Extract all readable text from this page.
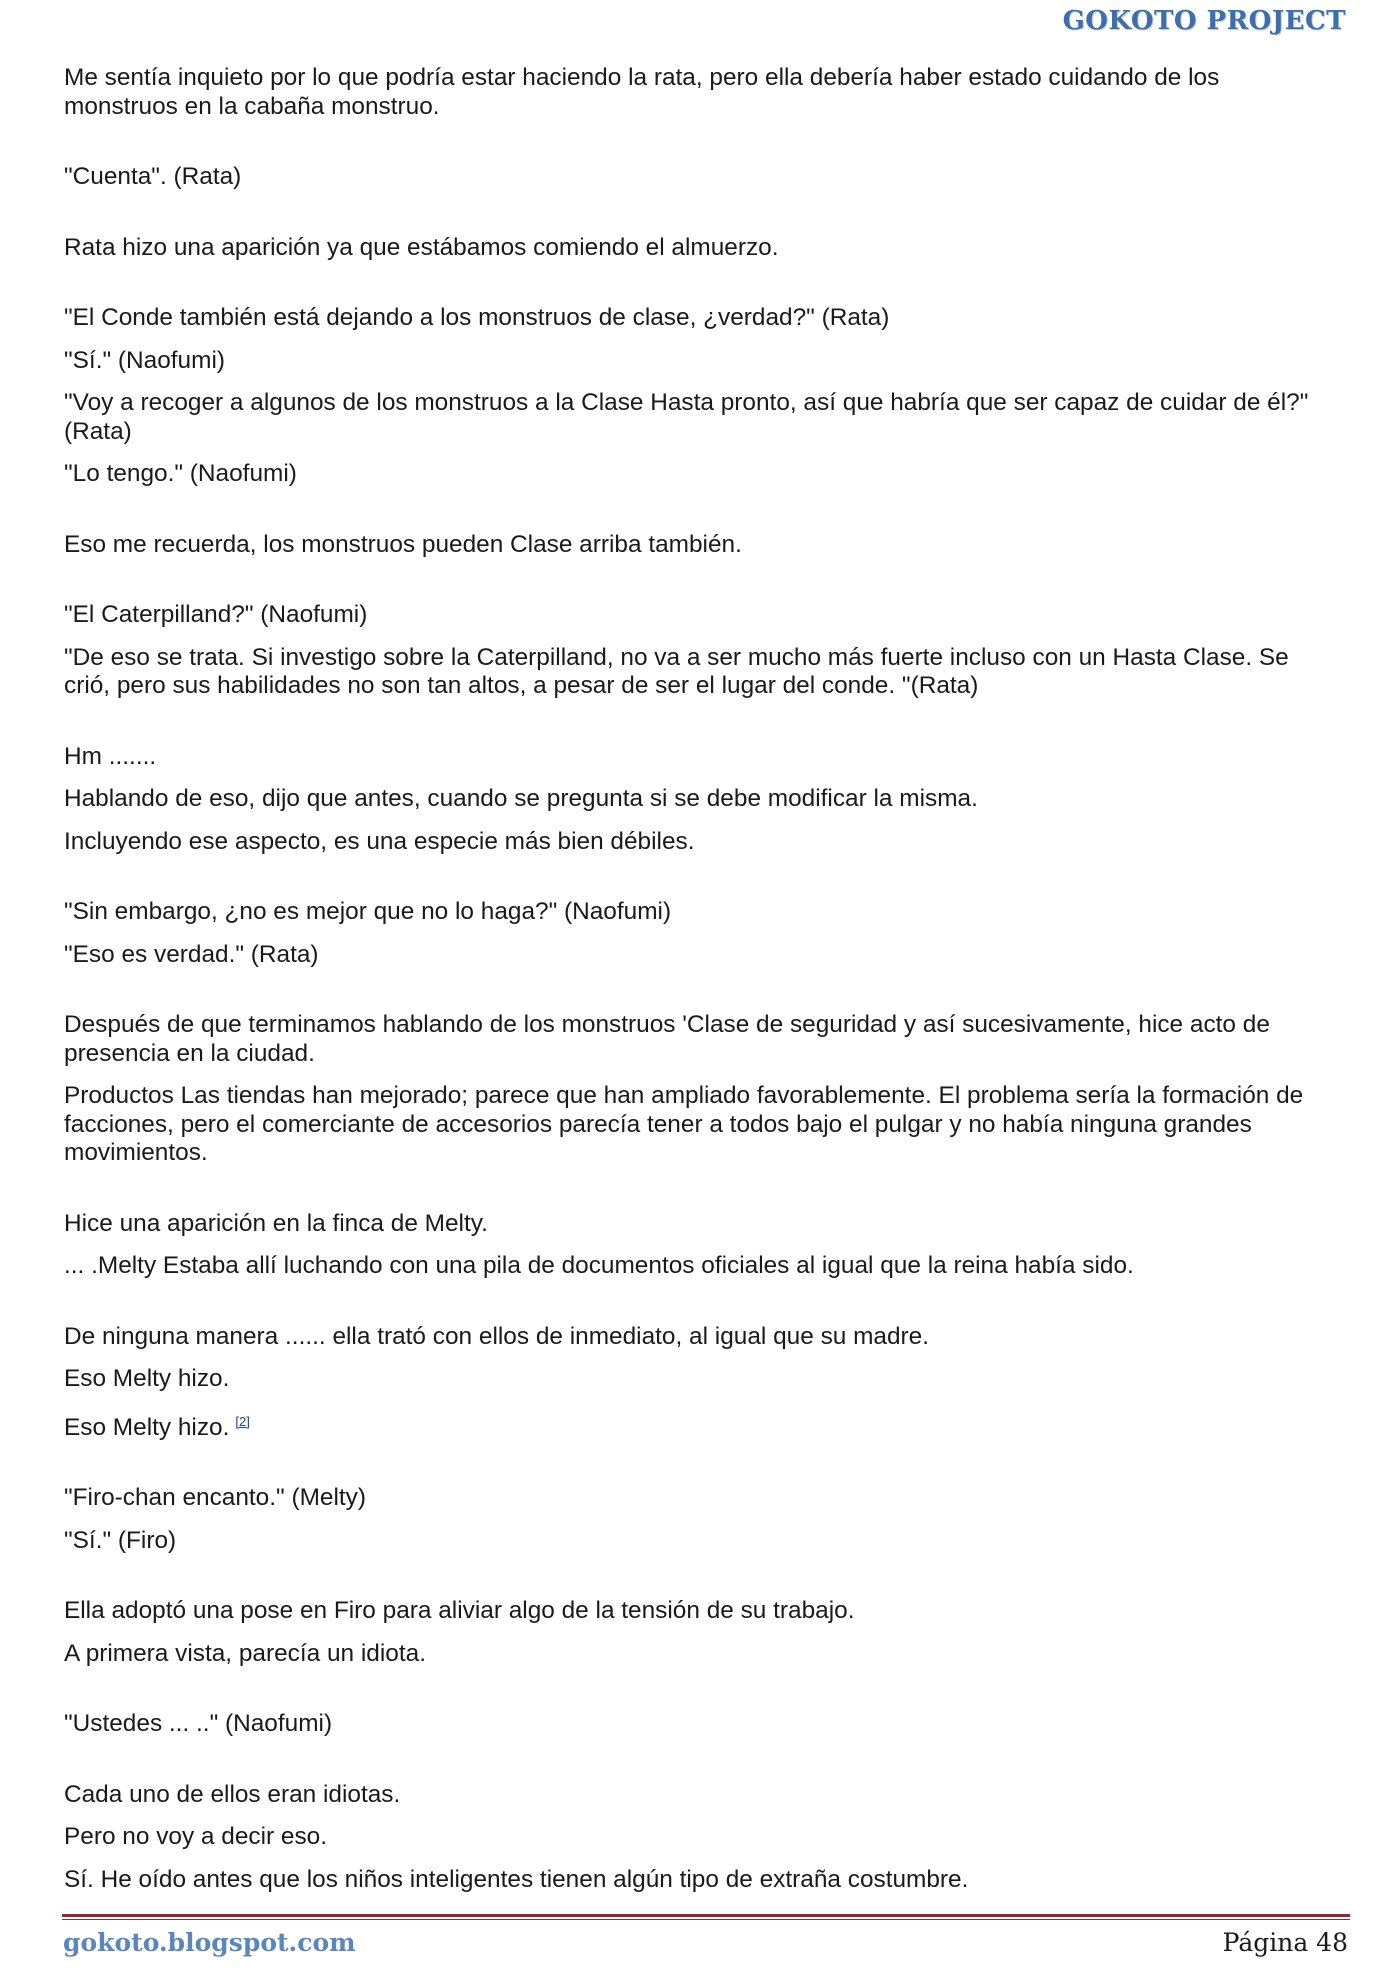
GOKOTO PROJECT

Me sentía inquieto por lo que podría estar haciendo la rata, pero ella debería haber estado cuidando de los monstruos en la cabaña monstruo.

"Cuenta". (Rata)

Rata hizo una aparición ya que estábamos comiendo el almuerzo.

"El Conde también está dejando a los monstruos de clase, ¿verdad?" (Rata)

"Sí." (Naofumi)

"Voy a recoger a algunos de los monstruos a la Clase Hasta pronto, así que habría que ser capaz de cuidar de él?" (Rata)

"Lo tengo." (Naofumi)

Eso me recuerda, los monstruos pueden Clase arriba también.

"El Caterpilland?" (Naofumi)

"De eso se trata. Si investigo sobre la Caterpilland, no va a ser mucho más fuerte incluso con un Hasta Clase. Se crió, pero sus habilidades no son tan altos, a pesar de ser el lugar del conde. "(Rata)

Hm .......

Hablando de eso, dijo que antes, cuando se pregunta si se debe modificar la misma.

Incluyendo ese aspecto, es una especie más bien débiles.

"Sin embargo, ¿no es mejor que no lo haga?" (Naofumi)

"Eso es verdad." (Rata)

Después de que terminamos hablando de los monstruos 'Clase de seguridad y así sucesivamente, hice acto de presencia en la ciudad.

Productos Las tiendas han mejorado; parece que han ampliado favorablemente. El problema sería la formación de facciones, pero el comerciante de accesorios parecía tener a todos bajo el pulgar y no había ninguna grandes movimientos.

Hice una aparición en la finca de Melty.

... .Melty Estaba allí luchando con una pila de documentos oficiales al igual que la reina había sido.

De ninguna manera ...... ella trató con ellos de inmediato, al igual que su madre.

Eso Melty hizo.

Eso Melty hizo. [2]

"Firo-chan encanto." (Melty)

"Sí." (Firo)

Ella adoptó una pose en Firo para aliviar algo de la tensión de su trabajo.

A primera vista, parecía un idiota.

"Ustedes ... .." (Naofumi)

Cada uno de ellos eran idiotas.

Pero no voy a decir eso.

Sí. He oído antes que los niños inteligentes tienen algún tipo de extraña costumbre.

gokoto.blogspot.com	Página 48
